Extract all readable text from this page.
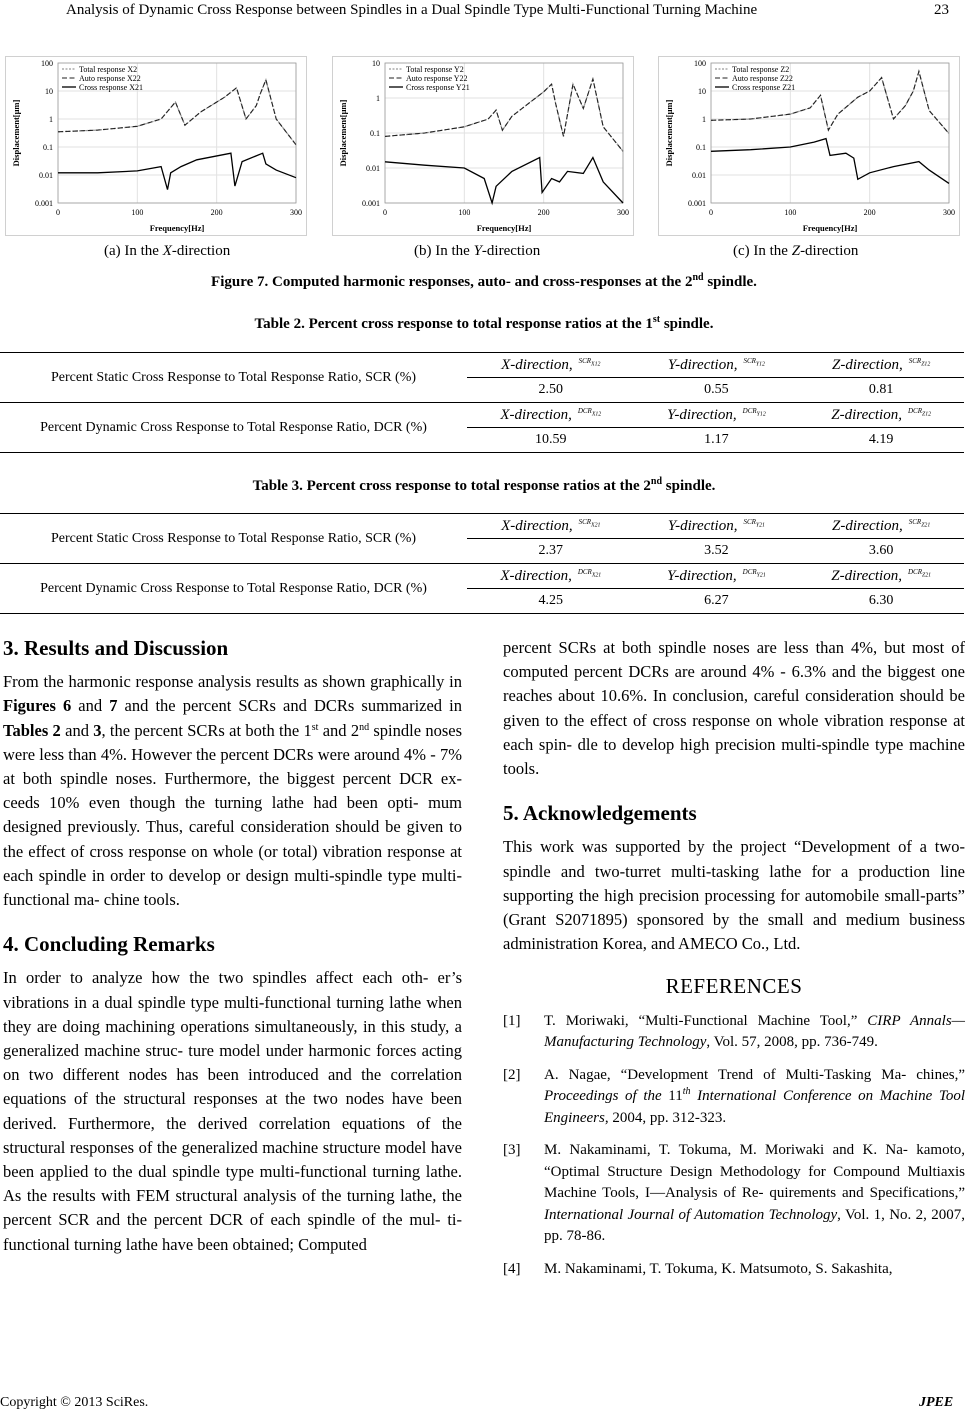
Analysis of Dynamic Cross Response between Spindles in a Dual Spindle Type Multi-Functional Turning Machine	23
0.001
0.01
0.1
1
10
100
0	100	200	300
Frequency[Hz]
Displacement[μm]
Total response X2
Auto response X22
Cross response X21
0.001
0.01
0.1
1
10
0	100	200	300
Frequency[Hz]
Displacement[μm]
Total response Y2
Auto response Y22
Cross response Y21
0.001
0.01
0.1
1
10
100
0	100	200	300
Frequency[Hz]
Displacement[μm]
Total response Z2
Auto response Z22
Cross response Z21
(a) In the X-direction	(b) In the Y-direction	(c) In the Z-direction
Figure 7. Computed harmonic responses, auto- and cross-responses at the 2nd spindle.
Table 2. Percent cross response to total response ratios at the 1st spindle.
Percent Static Cross Response to Total Response Ratio, SCR (%)	X-direction, $^{SCR_{X12}}$	Y-direction, $^{SCR_{Y12}}$	Z-direction, $^{SCR_{Z12}}$
	2.50	0.55	0.81
Percent Dynamic Cross Response to Total Response Ratio, DCR (%)	X-direction, $^{DCR_{X12}}$	Y-direction, $^{DCR_{Y12}}$	Z-direction, $^{DCR_{Z12}}$
	10.59	1.17	4.19
Table 3. Percent cross response to total response ratios at the 2nd spindle.
Percent Static Cross Response to Total Response Ratio, SCR (%)	X-direction, $^{SCR_{X21}}$	Y-direction, $^{SCR_{Y21}}$	Z-direction, $^{SCR_{Z21}}$
	2.37	3.52	3.60
Percent Dynamic Cross Response to Total Response Ratio, DCR (%)	X-direction, $^{DCR_{X21}}$	Y-direction, $^{DCR_{Y21}}$	Z-direction, $^{DCR_{Z21}}$
	4.25	6.27	6.30
3. Results and Discussion

From the harmonic response analysis results as shown graphically in Figures 6 and 7 and the percent SCRs and DCRs summarized in Tables 2 and 3, the percent SCRs at both the 1st and 2nd spindle noses were less than 4%. However the percent DCRs were around 4% - 7% at both spindle noses. Furthermore, the biggest percent DCR ex- ceeds 10% even though the turning lathe had been opti- mum designed previously. Thus, careful consideration should be given to the effect of cross response on whole (or total) vibration response at each spindle in order to develop or design multi-spindle type multi-functional ma- chine tools.

4. Concluding Remarks

In order to analyze how the two spindles affect each oth- er’s vibrations in a dual spindle type multi-functional turning lathe when they are doing machining operations simultaneously, in this study, a generalized machine struc- ture model under harmonic forces acting on two different nodes has been introduced and the correlation equations of the structural responses at the two nodes have been derived. Furthermore, the derived correlation equations of the structural responses of the generalized machine structure model have been applied to the dual spindle type multi-functional turning lathe. As the results with FEM structural analysis of the turning lathe, the percent SCR and the percent DCR of each spindle of the mul- ti-functional turning lathe have been obtained; Computed

percent SCRs at both spindle noses are less than 4%, but most of computed percent DCRs are around 4% - 6.3% and the biggest one reaches about 10.6%. In conclusion, careful consideration should be given to the effect of cross response on whole vibration response at each spin- dle to develop high precision multi-spindle type machine tools.

5. Acknowledgements

This work was supported by the project “Development of a two-spindle and two-turret multi-tasking lathe for a production line supporting the high precision processing for automobile small-parts” (Grant S2071895) sponsored by the small and medium business administration Korea, and AMECO Co., Ltd.

REFERENCES
[1] T. Moriwaki, “Multi-Functional Machine Tool,” CIRP Annals—Manufacturing Technology, Vol. 57, 2008, pp. 736-749.
[2] A. Nagae, “Development Trend of Multi-Tasking Ma- chines,” Proceedings of the 11th International Conference on Machine Tool Engineers, 2004, pp. 312-323.
[3] M. Nakaminami, T. Tokuma, M. Moriwaki and K. Na- kamoto, “Optimal Structure Design Methodology for Compound Multiaxis Machine Tools, I—Analysis of Re- quirements and Specifications,” International Journal of Automation Technology, Vol. 1, No. 2, 2007, pp. 78-86.
[4] M. Nakaminami, T. Tokuma, K. Matsumoto, S. Sakashita,
Copyright © 2013 SciRes.	JPEE
